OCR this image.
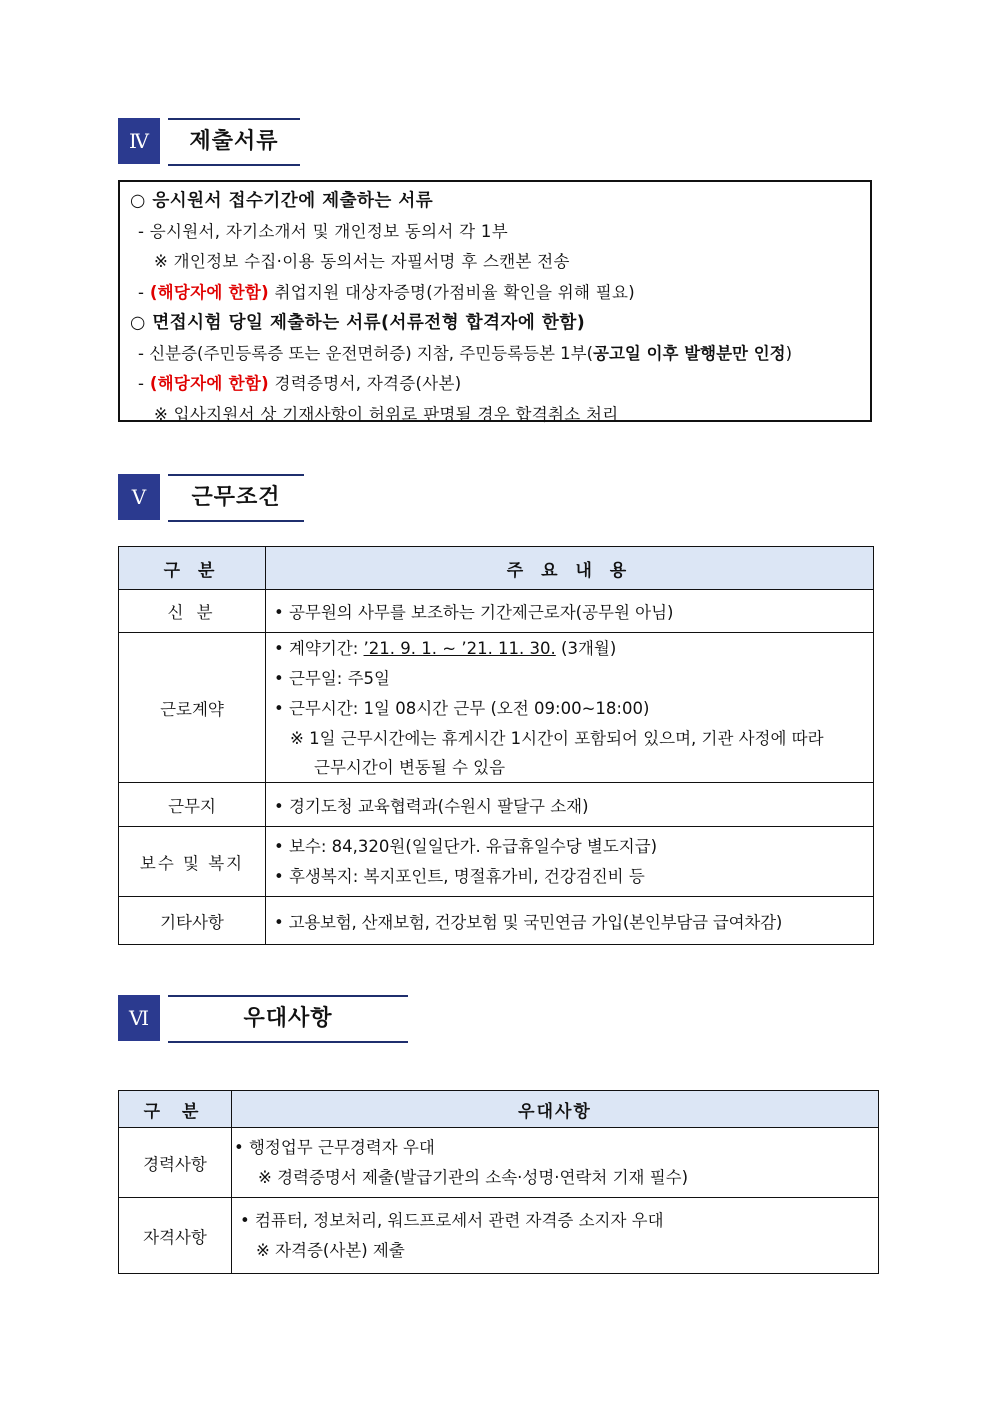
Ⅳ	제출서류
○ 응시원서 접수기간에 제출하는 서류
- 응시원서, 자기소개서 및 개인정보 동의서 각 1부
※ 개인정보 수집·이용 동의서는 자필서명 후 스캔본 전송
- (해당자에 한함) 취업지원 대상자증명(가점비율 확인을 위해 필요)
○ 면접시험 당일 제출하는 서류(서류전형 합격자에 한함)
- 신분증(주민등록증 또는 운전면허증) 지참, 주민등록등본 1부(공고일 이후 발행분만 인정)
- (해당자에 한함) 경력증명서, 자격증(사본)
※ 입사지원서 상 기재사항이 허위로 판명될 경우 합격취소 처리
Ⅴ	근무조건
구 분	주 요 내 용
신 분	• 공무원의 사무를 보조하는 기간제근로자(공무원 아님)
근로계약	• 계약기간: ’21. 9. 1. ~ ’21. 11. 30. (3개월)
• 근무일: 주5일
• 근무시간: 1일 08시간 근무 (오전 09:00~18:00)
※ 1일 근무시간에는 휴게시간 1시간이 포함되어 있으며, 기관 사정에 따라
근무시간이 변동될 수 있음

근무지	• 경기도청 교육협력과(수원시 팔달구 소재)
보수 및 복지	• 보수: 84,320원(일일단가. 유급휴일수당 별도지급)
• 후생복지: 복지포인트, 명절휴가비, 건강검진비 등

기타사항	• 고용보험, 산재보험, 건강보험 및 국민연금 가입(본인부담금 급여차감)
Ⅵ	우대사항
구 분	우대사항
경력사항	• 행정업무 근무경력자 우대
※ 경력증명서 제출(발급기관의 소속·성명·연락처 기재 필수)

자격사항	• 컴퓨터, 정보처리, 워드프로세서 관련 자격증 소지자 우대
※ 자격증(사본) 제출
